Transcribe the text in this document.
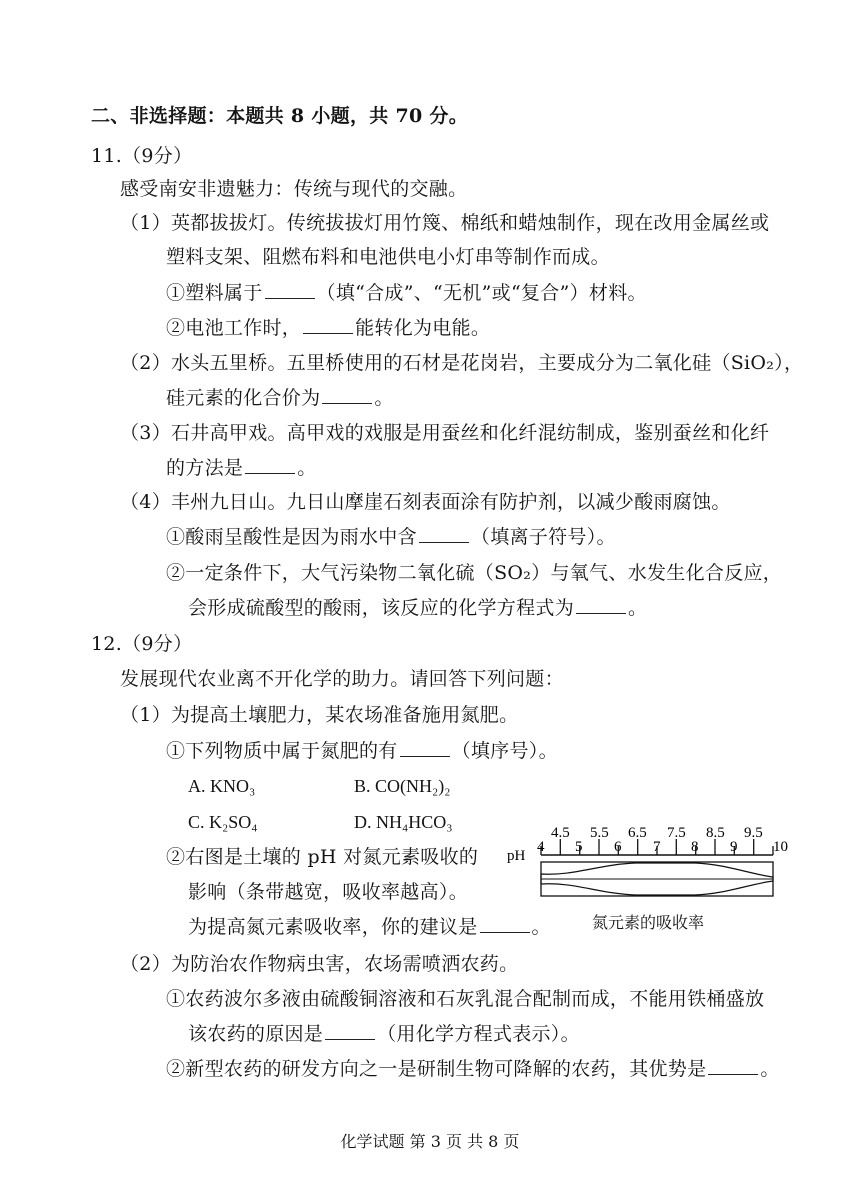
二、非选择题：本题共 8 小题，共 70 分。
11.（9分）
感受南安非遗魅力：传统与现代的交融。
（1）英都拔拔灯。传统拔拔灯用竹篾、棉纸和蜡烛制作，现在改用金属丝或
塑料支架、阻燃布料和电池供电小灯串等制作而成。
①塑料属于	（填“合成”、“无机”或“复合”）材料。
②电池工作时，	能转化为电能。
（2）水头五里桥。五里桥使用的石材是花岗岩，主要成分为二氧化硅（SiO₂），
硅元素的化合价为	。
（3）石井高甲戏。高甲戏的戏服是用蚕丝和化纤混纺制成，鉴别蚕丝和化纤
的方法是	。
（4）丰州九日山。九日山摩崖石刻表面涂有防护剂，以减少酸雨腐蚀。
①酸雨呈酸性是因为雨水中含	（填离子符号）。
②一定条件下，大气污染物二氧化硫（SO₂）与氧气、水发生化合反应，
会形成硫酸型的酸雨，该反应的化学方程式为	。
12.（9分）
发展现代农业离不开化学的助力。请回答下列问题：
（1）为提高土壤肥力，某农场准备施用氮肥。
①下列物质中属于氮肥的有	（填序号）。
A. KNO₃	B. CO(NH₂)₂
C. K₂SO₄	D. NH₄HCO₃
②右图是土壤的 pH 对氮元素吸收的
影响（条带越宽，吸收率越高）。
为提高氮元素吸收率，你的建议是	。
pH
4.5 5.5 6.5 7.5 8.5 9.5
4 5 6 7 8 9 10
氮元素的吸收率
（2）为防治农作物病虫害，农场需喷洒农药。
①农药波尔多液由硫酸铜溶液和石灰乳混合配制而成，不能用铁桶盛放
该农药的原因是	（用化学方程式表示）。
②新型农药的研发方向之一是研制生物可降解的农药，其优势是	。
化学试题 第 3 页 共 8 页
